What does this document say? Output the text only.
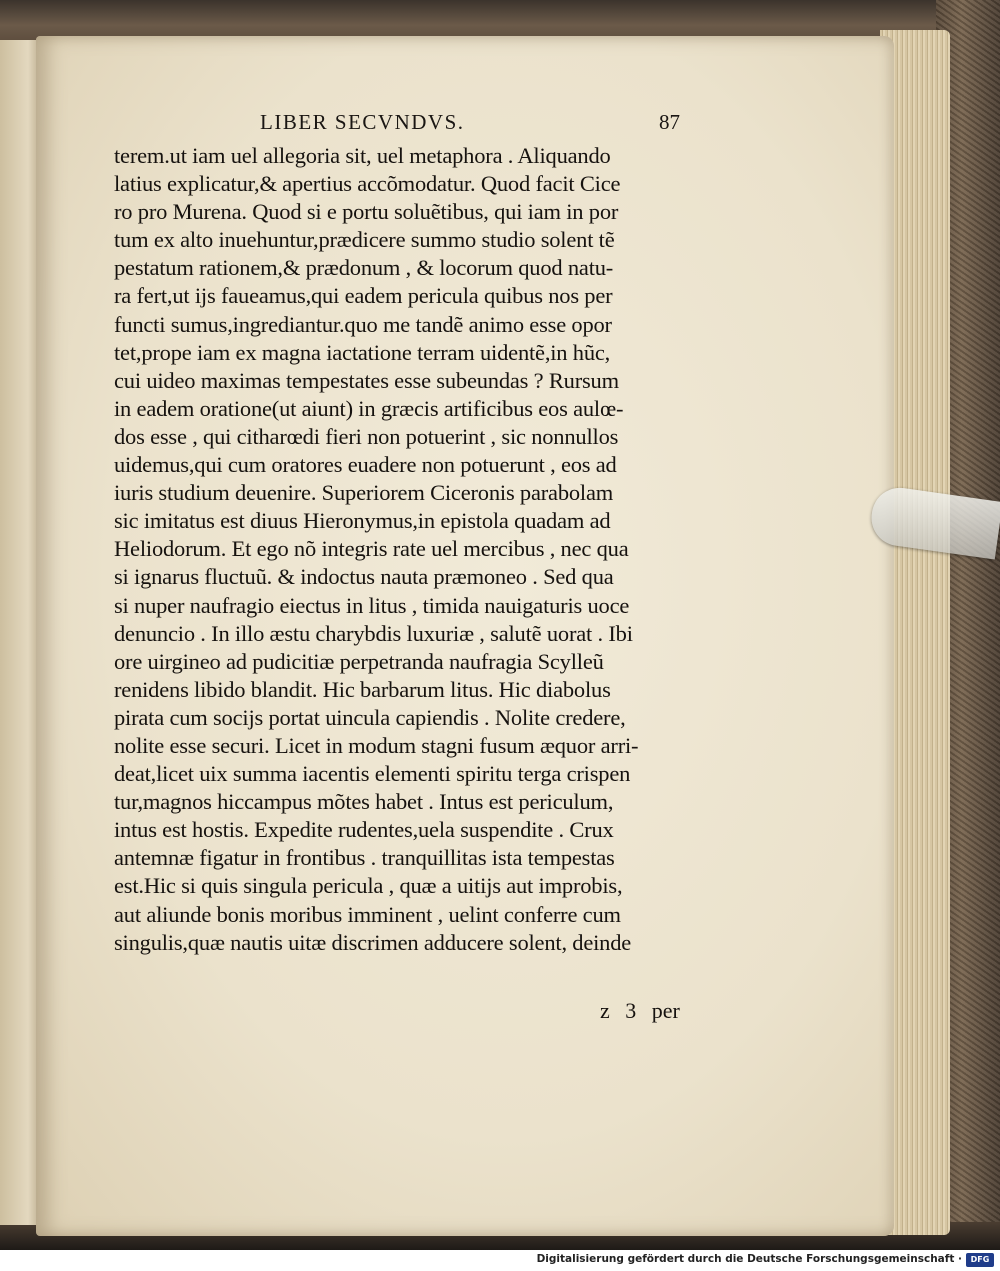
LIBER SECVNDVS.	87
terem.ut iam uel allegoria sit, uel metaphora . Aliquando
latius explicatur,& apertius accõmodatur. Quod facit Cice
ro pro Murena. Quod si e portu soluẽtibus, qui iam in por
tum ex alto inuehuntur,prædicere summo studio solent tẽ
pestatum rationem,& prædonum , & locorum quod natu-
ra fert,ut ijs faueamus,qui eadem pericula quibus nos per
functi sumus,ingrediantur.quo me tandẽ animo esse opor
tet,prope iam ex magna iactatione terram uidentẽ,in hũc,
cui uideo maximas tempestates esse subeundas ? Rursum
in eadem oratione(ut aiunt) in græcis artificibus eos aulœ-
dos esse , qui citharœdi fieri non potuerint , sic nonnullos
uidemus,qui cum oratores euadere non potuerunt , eos ad
iuris studium deuenire. Superiorem Ciceronis parabolam
sic imitatus est diuus Hieronymus,in epistola quadam ad
Heliodorum. Et ego nõ integris rate uel mercibus , nec qua
si ignarus fluctuũ. & indoctus nauta præmoneo . Sed qua
si nuper naufragio eiectus in litus , timida nauigaturis uoce
denuncio . In illo æstu charybdis luxuriæ , salutẽ uorat . Ibi
ore uirgineo ad pudicitiæ perpetranda naufragia Scylleũ
renidens libido blandit. Hic barbarum litus. Hic diabolus
pirata cum socijs portat uincula capiendis . Nolite credere,
nolite esse securi. Licet in modum stagni fusum æquor arri-
deat,licet uix summa iacentis elementi spiritu terga crispen
tur,magnos hiccampus mõtes habet . Intus est periculum,
intus est hostis. Expedite rudentes,uela suspendite . Crux
antemnæ figatur in frontibus . tranquillitas ista tempestas
est.Hic si quis singula pericula , quæ a uitijs aut improbis,
aut aliunde bonis moribus imminent , uelint conferre cum
singulis,quæ nautis uitæ discrimen adducere solent, deinde
z 3 per
Digitalisierung gefördert durch die Deutsche Forschungsgemeinschaft ·	DFG
